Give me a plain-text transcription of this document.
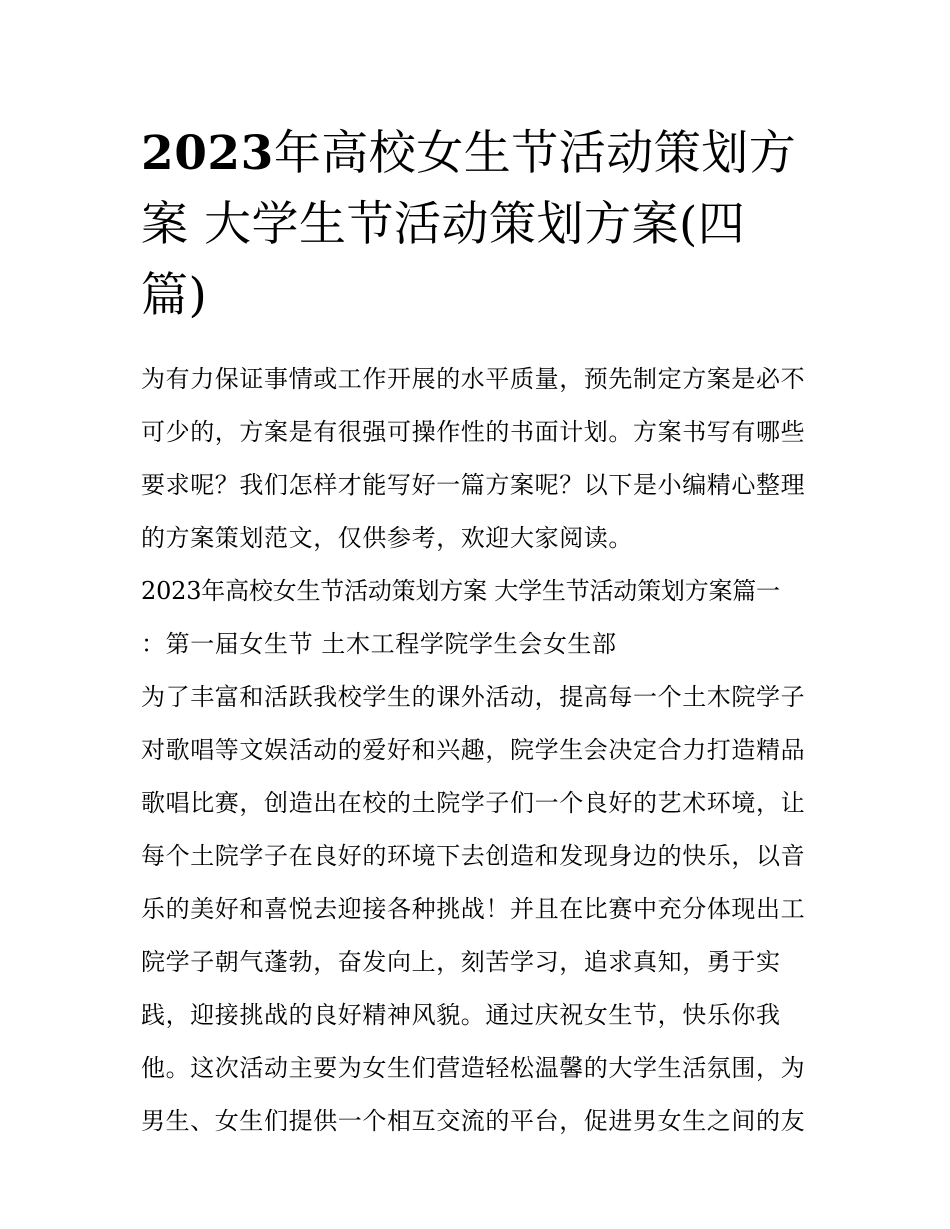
2023年高校女生节活动策划方
案 大学生节活动策划方案(四
篇)
为有力保证事情或工作开展的水平质量，预先制定方案是必不
可少的，方案是有很强可操作性的书面计划。方案书写有哪些
要求呢？我们怎样才能写好一篇方案呢？以下是小编精心整理
的方案策划范文，仅供参考，欢迎大家阅读。
2023年高校女生节活动策划方案 大学生节活动策划方案篇一
：第一届女生节 土木工程学院学生会女生部
为了丰富和活跃我校学生的课外活动，提高每一个土木院学子
对歌唱等文娱活动的爱好和兴趣，院学生会决定合力打造精品
歌唱比赛，创造出在校的土院学子们一个良好的艺术环境，让
每个土院学子在良好的环境下去创造和发现身边的快乐，以音
乐的美好和喜悦去迎接各种挑战！并且在比赛中充分体现出工
院学子朝气蓬勃，奋发向上，刻苦学习，追求真知，勇于实
践，迎接挑战的良好精神风貌。通过庆祝女生节，快乐你我
他。这次活动主要为女生们营造轻松温馨的大学生活氛围，为
男生、女生们提供一个相互交流的平台，促进男女生之间的友
